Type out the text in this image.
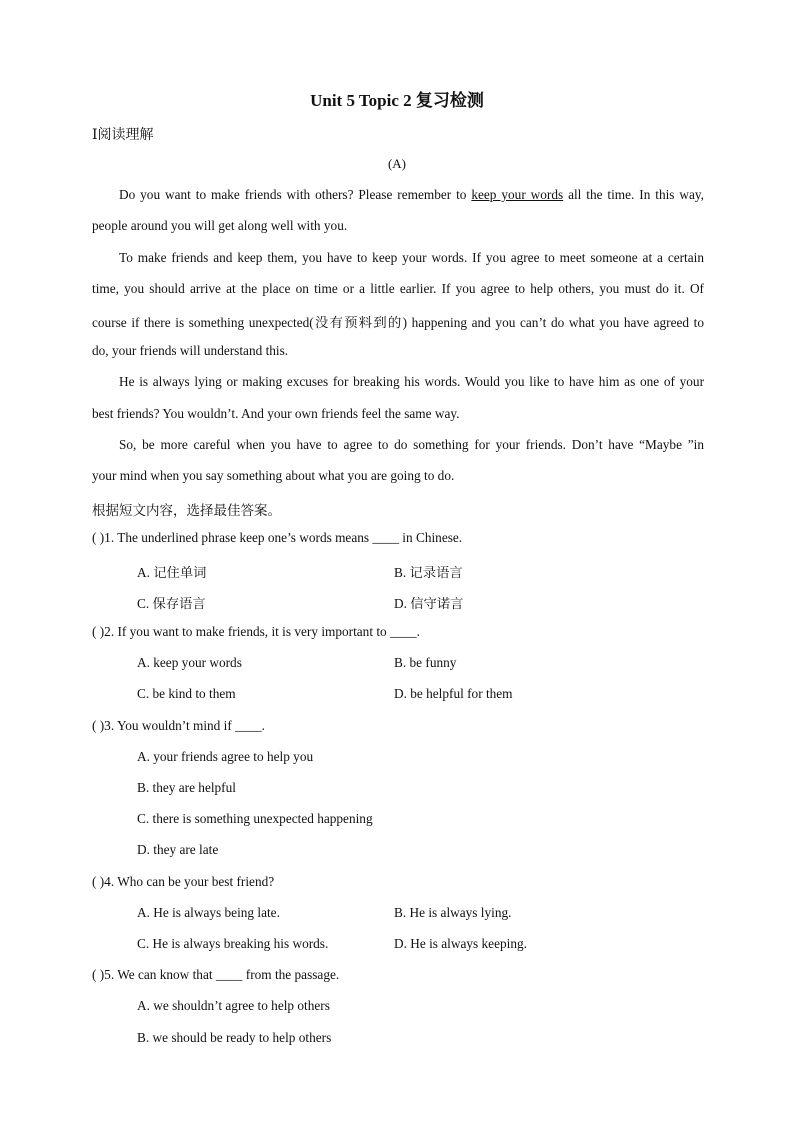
Unit 5 Topic 2 复习检测
Ⅰ阅读理解
(A)
Do you want to make friends with others? Please remember to keep your words all the time. In this way,
people around you will get along well with you.
To make friends and keep them, you have to keep your words. If you agree to meet someone at a certain
time, you should arrive at the place on time or a little earlier. If you agree to help others, you must do it. Of
course if there is something unexpected(没有预料到的) happening and you can’t do what you have agreed to
do, your friends will understand this.
He is always lying or making excuses for breaking his words. Would you like to have him as one of your
best friends? You wouldn’t. And your own friends feel the same way.
So, be more careful when you have to agree to do something for your friends. Don’t have “Maybe ”in
your mind when you say something about what you are going to do.
根据短文内容，选择最佳答案。
( )1. The underlined phrase keep one’s words means ____ in Chinese.
A. 记住单词	B. 记录语言
C. 保存语言	D. 信守诺言
( )2. If you want to make friends, it is very important to ____.
A. keep your words	B. be funny
C. be kind to them	D. be helpful for them
( )3. You wouldn’t mind if ____.
A. your friends agree to help you
B. they are helpful
C. there is something unexpected happening
D. they are late
( )4. Who can be your best friend?
A. He is always being late.	B. He is always lying.
C. He is always breaking his words.	D. He is always keeping.
( )5. We can know that ____ from the passage.
A. we shouldn’t agree to help others
B. we should be ready to help others
